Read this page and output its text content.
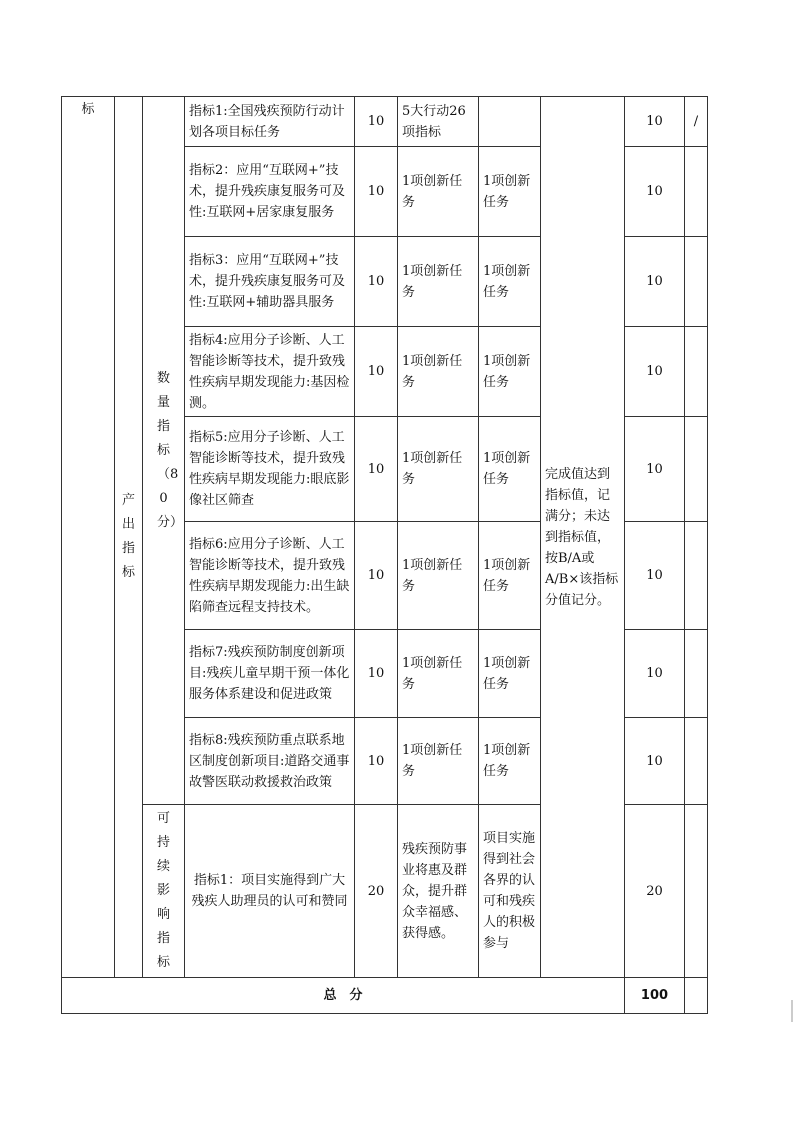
标	产出指标	数量指标（80分）	指标1:全国残疾预防行动计划各项目标任务	10	5大行动26项指标		完成值达到指标值，记满分；未达到指标值，按B/A或A/B×该指标分值记分。	10	/
			指标2：应用“互联网+”技术，提升残疾康复服务可及性:互联网+居家康复服务	10	1项创新任务	1项创新任务		10	
			指标3：应用“互联网+”技术，提升残疾康复服务可及性:互联网+辅助器具服务	10	1项创新任务	1项创新任务		10	
			指标4:应用分子诊断、人工智能诊断等技术，提升致残性疾病早期发现能力:基因检测。	10	1项创新任务	1项创新任务		10	
			指标5:应用分子诊断、人工智能诊断等技术，提升致残性疾病早期发现能力:眼底影像社区筛查	10	1项创新任务	1项创新任务		10	
			指标6:应用分子诊断、人工智能诊断等技术，提升致残性疾病早期发现能力:出生缺陷筛查远程支持技术。	10	1项创新任务	1项创新任务		10	
			指标7:残疾预防制度创新项目:残疾儿童早期干预一体化服务体系建设和促进政策	10	1项创新任务	1项创新任务		10	
			指标8:残疾预防重点联系地区制度创新项目:道路交通事故警医联动救援救治政策	10	1项创新任务	1项创新任务		10	

		可持续影响指标	指标1：项目实施得到广大残疾人助理员的认可和赞同	20	残疾预防事业将惠及群众，提升群众幸福感、获得感。	项目实施得到社会各界的认可和残疾人的积极参与		20	
总　分								100	
